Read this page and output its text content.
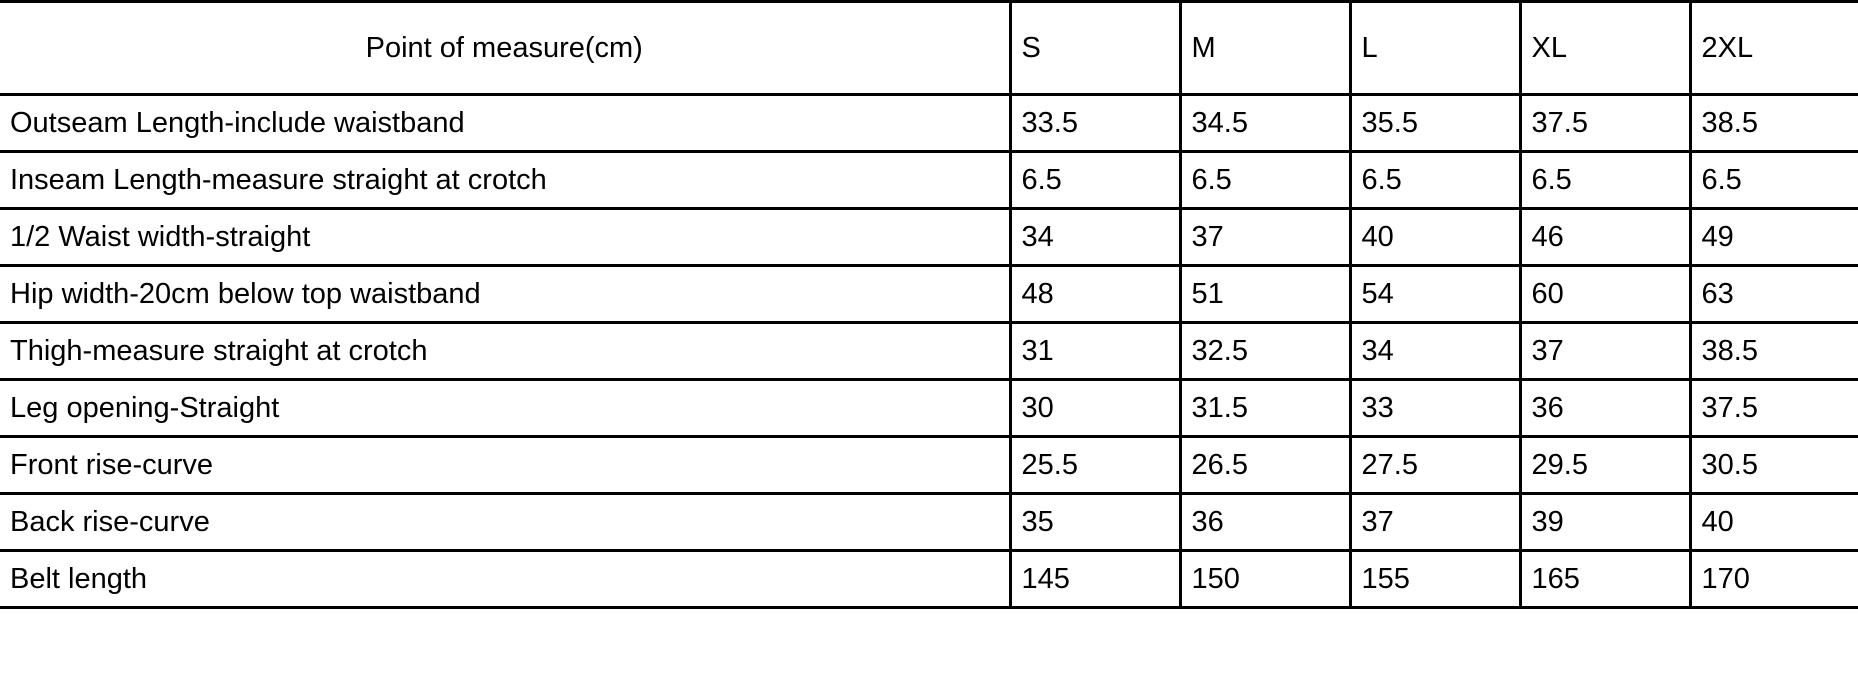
Point of measure(cm)	S	M	L	XL	2XL
Outseam Length-include waistband	33.5	34.5	35.5	37.5	38.5
Inseam Length-measure straight at crotch	6.5	6.5	6.5	6.5	6.5
1/2 Waist width-straight	34	37	40	46	49
Hip width-20cm below top waistband	48	51	54	60	63
Thigh-measure straight at crotch	31	32.5	34	37	38.5
Leg opening-Straight	30	31.5	33	36	37.5
Front rise-curve	25.5	26.5	27.5	29.5	30.5
Back rise-curve	35	36	37	39	40
Belt length	145	150	155	165	170
